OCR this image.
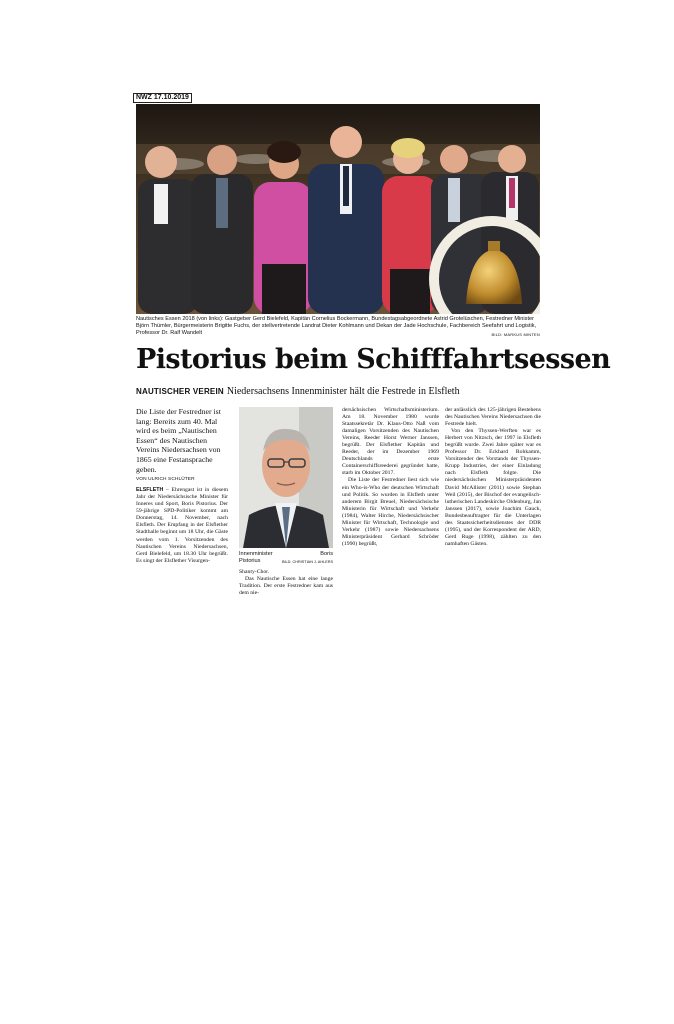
NWZ 17.10.2019
Nautisches Essen 2018 (von links): Gastgeber Gerd Bielefeld, Kapitän Cornelius Bockermann, Bundestagsabgeordnete Astrid Grotelüschen, Festredner Minister Björn Thümler, Bürgermeisterin Brigitte Fuchs, der stellvertretende Landrat Dieter Kohlmann und Dekan der Jade Hochschule, Fachbereich Seefahrt und Logistik, Professor Dr. Ralf Wandelt	BILD: MARKUS MINTEN
Pistorius beim Schifffahrtsessen
NAUTISCHER VEREIN Niedersachsens Innenminister hält die Festrede in Elsfleth

Die Liste der Festredner ist lang: Bereits zum 40. Mal wird es beim „Nautischen Essen“ des Nautischen Vereins Niedersachsen von 1865 eine Festansprache geben.

VON ULRICH SCHLÜTER

ELSFLETH – Ehrengast ist in diesem Jahr der Niedersächsische Minister für Inneres und Sport, Boris Pistorius. Der 59-jährige SPD-Politiker kommt am Donnerstag, 14. November, nach Elsfleth. Der Empfang in der Elsflether Stadthalle beginnt um 18 Uhr, die Gäste werden vom 1. Vorsitzenden des Nautischen Vereins Niedersachsen, Gerd Bielefeld, um 18.30 Uhr begrüßt. Es singt der Elsflether Visurgen-

Innenminister	Boris

Pistorius	BILD: CHRISTIAN J. AHLERS

Shanty-Chor.

Das Nautische Essen hat eine lange Tradition. Der erste Festredner kam aus dem nie-

dersächsischen Wirtschaftsministerium. Am 18. November 1980 wurde Staatssekretär Dr. Klaus-Otto Naß vom damaligen Vorsitzenden des Nautischen Vereins, Reeder Horst Werner Janssen, begrüßt. Der Elsflether Kapitän und Reeder, der im Dezember 1969 Deutschlands erste Containerschiffsreederei gegründet hatte, starb im Oktober 2017.

Die Liste der Festredner liest sich wie ein Who-is-Who der deutschen Wirtschaft und Politik. So wurden in Elsfleth unter anderem Birgit Breuel, Niedersächsische Ministerin für Wirtschaft und Verkehr (1984), Walter Hirche, Niedersächsischer Minister für Wirtschaft, Technologie und Verkehr (1987) sowie Niedersachsens Ministerpräsident Gerhard Schröder (1990) begrüßt,

der anlässlich des 125-jährigen Bestehens des Nautischen Vereins Niedersachsen die Festrede hielt.

Von den Thyssen-Werften war es Herbert von Nitzsch, der 1997 in Elsfleth begrüßt wurde. Zwei Jahre später war es Professor Dr. Eckhard Rohkamm, Vorsitzender des Vorstands der Thyssen-Krupp Industries, der einer Einladung nach Elsfleth folgte. Die niedersächsischen Ministerpräsidenten David McAllister (2011) sowie Stephan Weil (2015), der Bischof der evangelisch-lutherischen Landeskirche Oldenburg, Jan Janssen (2017), sowie Joachim Gauck, Bundesbeauftragter für die Unterlagen des Staatssicherheitsdienstes der DDR (1995), und der Korrespondent der ARD, Gerd Ruge (1998), zählten zu den namhaften Gästen.
